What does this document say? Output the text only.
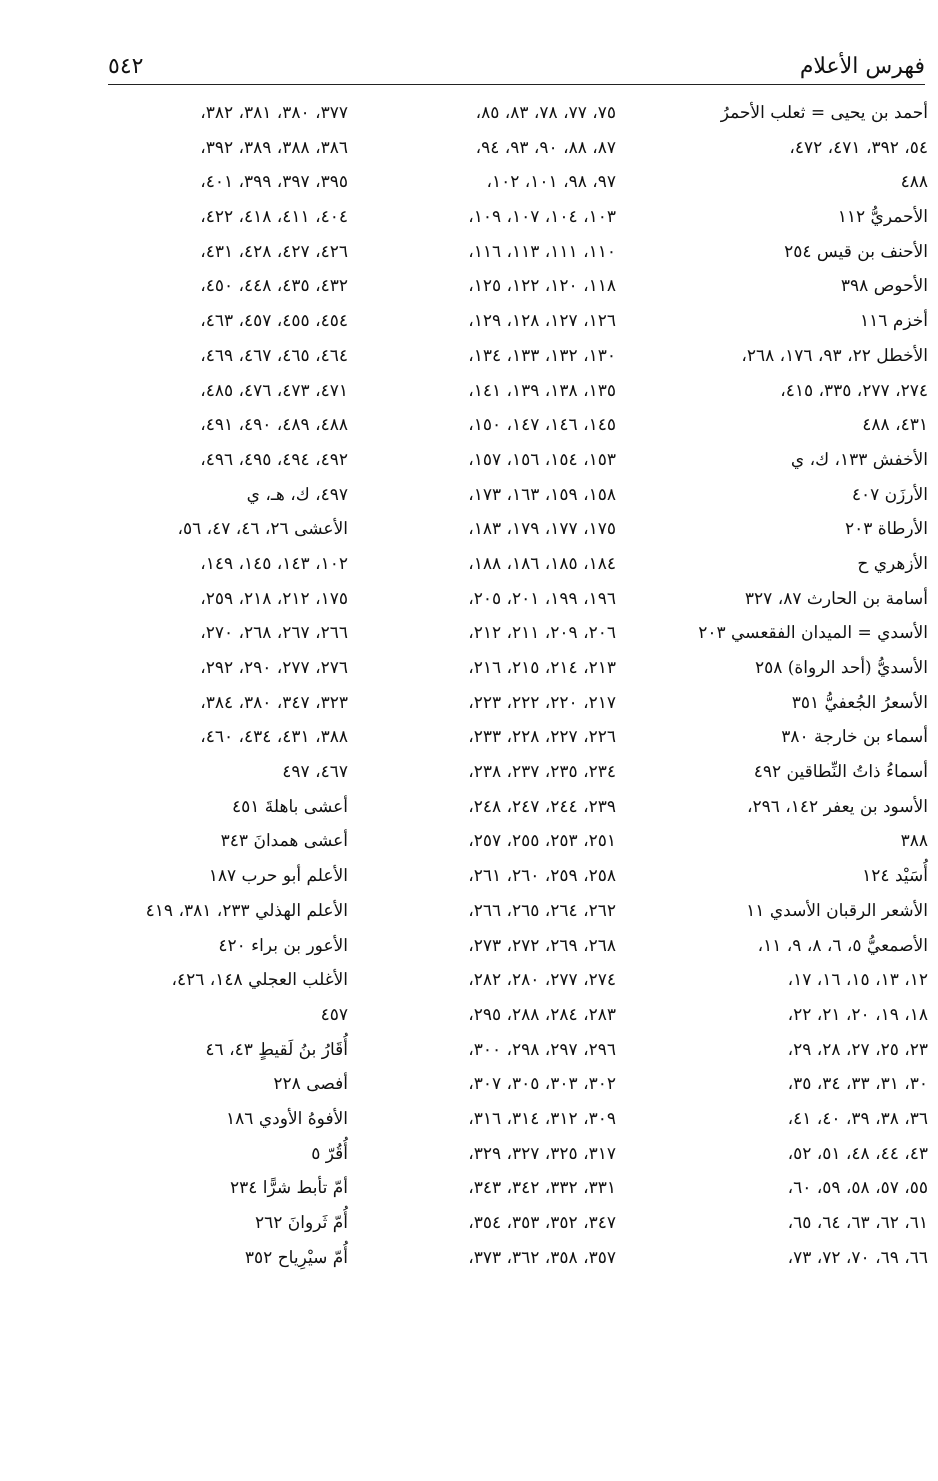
فهرس الأعلام
٥٤٢
أحمد بن يحيى = ثعلب الأحمرُ
٥٤، ٣٩٢، ٤٧١، ٤٧٢،
٤٨٨
الأحمريُّ ١١٢
الأحنف بن قيس ٢٥٤
الأحوص ٣٩٨
أخزم ١١٦
الأخطل ٢٢، ٩٣، ١٧٦، ٢٦٨،
٢٧٤، ٢٧٧، ٣٣٥، ٤١٥،
٤٣١، ٤٨٨
الأخفش ١٣٣، ك، ي
الأرزَن ٤٠٧
الأرطاة ٢٠٣
الأزهري ح
أسامة بن الحارث ٨٧، ٣٢٧
الأسدي = الميدان الفقعسي ٢٠٣
الأسديُّ (أحد الرواة) ٢٥٨
الأسعرُ الجُعفيُّ ٣٥١
أسماء بن خارجة ٣٨٠
أسماءُ ذاتُ النِّطاقين ٤٩٢
الأسود بن يعفر ١٤٢، ٢٩٦،
٣٨٨
أُسَيْد ١٢٤
الأشعر الرقبان الأسدي ١١
الأصمعيُّ ٥، ٦، ٨، ٩، ١١،
١٢، ١٣، ١٥، ١٦، ١٧،
١٨، ١٩، ٢٠، ٢١، ٢٢،
٢٣، ٢٥، ٢٧، ٢٨، ٢٩،
٣٠، ٣١، ٣٣، ٣٤، ٣٥،
٣٦، ٣٨، ٣٩، ٤٠، ٤١،
٤٣، ٤٤، ٤٨، ٥١، ٥٢،
٥٥، ٥٧، ٥٨، ٥٩، ٦٠،
٦١، ٦٢، ٦٣، ٦٤، ٦٥،
٦٦، ٦٩، ٧٠، ٧٢، ٧٣،
٧٥، ٧٧، ٧٨، ٨٣، ٨٥،
٨٧، ٨٨، ٩٠، ٩٣، ٩٤،
٩٧، ٩٨، ١٠١، ١٠٢،
١٠٣، ١٠٤، ١٠٧، ١٠٩،
١١٠، ١١١، ١١٣، ١١٦،
١١٨، ١٢٠، ١٢٢، ١٢٥،
١٢٦، ١٢٧، ١٢٨، ١٢٩،
١٣٠، ١٣٢، ١٣٣، ١٣٤،
١٣٥، ١٣٨، ١٣٩، ١٤١،
١٤٥، ١٤٦، ١٤٧، ١٥٠،
١٥٣، ١٥٤، ١٥٦، ١٥٧،
١٥٨، ١٥٩، ١٦٣، ١٧٣،
١٧٥، ١٧٧، ١٧٩، ١٨٣،
١٨٤، ١٨٥، ١٨٦، ١٨٨،
١٩٦، ١٩٩، ٢٠١، ٢٠٥،
٢٠٦، ٢٠٩، ٢١١، ٢١٢،
٢١٣، ٢١٤، ٢١٥، ٢١٦،
٢١٧، ٢٢٠، ٢٢٢، ٢٢٣،
٢٢٦، ٢٢٧، ٢٢٨، ٢٣٣،
٢٣٤، ٢٣٥، ٢٣٧، ٢٣٨،
٢٣٩، ٢٤٤، ٢٤٧، ٢٤٨،
٢٥١، ٢٥٣، ٢٥٥، ٢٥٧،
٢٥٨، ٢٥٩، ٢٦٠، ٢٦١،
٢٦٢، ٢٦٤، ٢٦٥، ٢٦٦،
٢٦٨، ٢٦٩، ٢٧٢، ٢٧٣،
٢٧٤، ٢٧٧، ٢٨٠، ٢٨٢،
٢٨٣، ٢٨٤، ٢٨٨، ٢٩٥،
٢٩٦، ٢٩٧، ٢٩٨، ٣٠٠،
٣٠٢، ٣٠٣، ٣٠٥، ٣٠٧،
٣٠٩، ٣١٢، ٣١٤، ٣١٦،
٣١٧، ٣٢٥، ٣٢٧، ٣٢٩،
٣٣١، ٣٣٢، ٣٤٢، ٣٤٣،
٣٤٧، ٣٥٢، ٣٥٣، ٣٥٤،
٣٥٧، ٣٥٨، ٣٦٢، ٣٧٣،
٣٧٧، ٣٨٠، ٣٨١، ٣٨٢،
٣٨٦، ٣٨٨، ٣٨٩، ٣٩٢،
٣٩٥، ٣٩٧، ٣٩٩، ٤٠١،
٤٠٤، ٤١١، ٤١٨، ٤٢٢،
٤٢٦، ٤٢٧، ٤٢٨، ٤٣١،
٤٣٢، ٤٣٥، ٤٤٨، ٤٥٠،
٤٥٤، ٤٥٥، ٤٥٧، ٤٦٣،
٤٦٤، ٤٦٥، ٤٦٧، ٤٦٩،
٤٧١، ٤٧٣، ٤٧٦، ٤٨٥،
٤٨٨، ٤٨٩، ٤٩٠، ٤٩١،
٤٩٢، ٤٩٤، ٤٩٥، ٤٩٦،
٤٩٧، ك، هـ، ي
الأعشى ٢٦، ٤٦، ٤٧، ٥٦،
١٠٢، ١٤٣، ١٤٥، ١٤٩،
١٧٥، ٢١٢، ٢١٨، ٢٥٩،
٢٦٦، ٢٦٧، ٢٦٨، ٢٧٠،
٢٧٦، ٢٧٧، ٢٩٠، ٢٩٢،
٣٢٣، ٣٤٧، ٣٨٠، ٣٨٤،
٣٨٨، ٤٣١، ٤٣٤، ٤٦٠،
٤٦٧، ٤٩٧
أعشى باهلةَ ٤٥١
أعشى همدانَ ٣٤٣
الأعلم أبو حرب ١٨٧
الأعلم الهذلي ٢٣٣، ٣٨١، ٤١٩
الأعور بن براء ٤٢٠
الأغلب العجلي ١٤٨، ٤٢٦،
٤٥٧
أُقَارُ بنُ لَقيطٍ ٤٣، ٤٦
أفصى ٢٢٨
الأفوهُ الأودي ١٨٦
أُقُرّ ٥
أمّ تأبط شرًّا ٢٣٤
أُمّ ثَروانَ ٢٦٢
أُمّ سيْرِياح ٣٥٢
